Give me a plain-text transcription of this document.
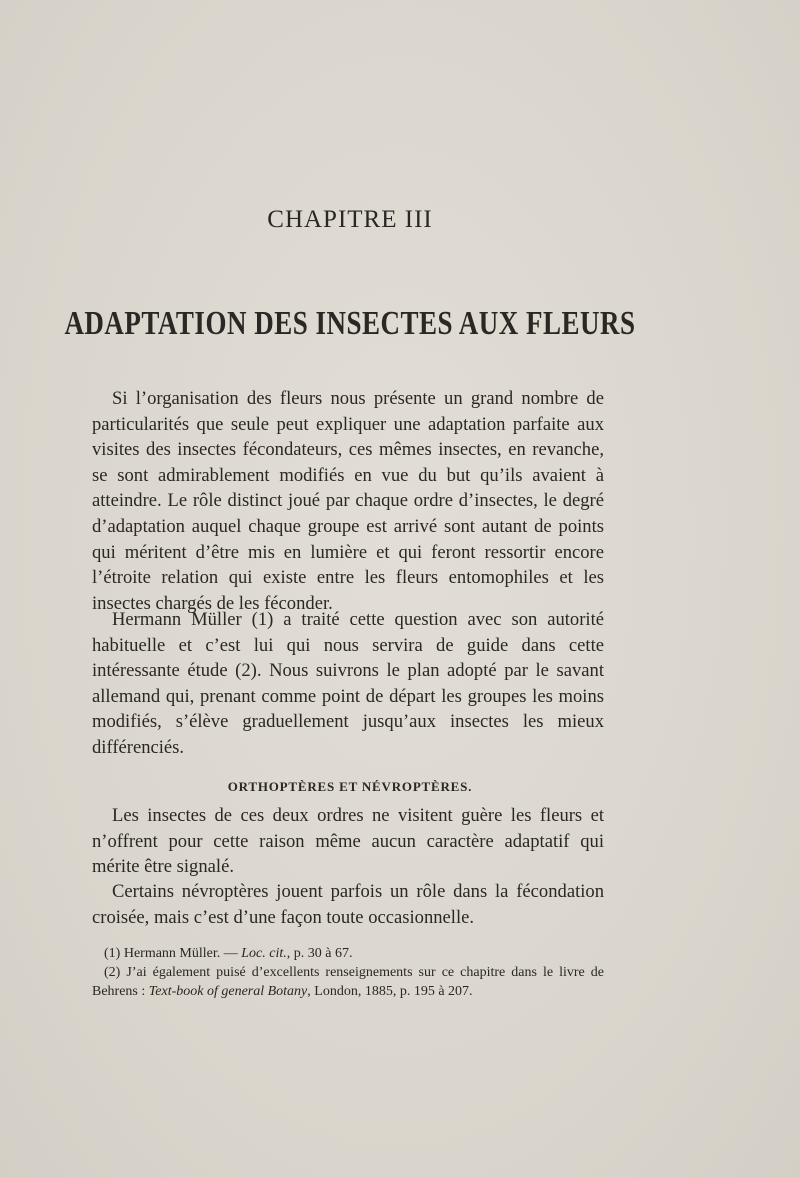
CHAPITRE III
ADAPTATION DES INSECTES AUX FLEURS

Si l’organisation des fleurs nous présente un grand nombre de particularités que seule peut expliquer une adaptation parfaite aux visites des insectes fécondateurs, ces mêmes insectes, en revanche, se sont admirablement modifiés en vue du but qu’ils avaient à atteindre. Le rôle distinct joué par chaque ordre d’insectes, le degré d’adaptation auquel chaque groupe est arrivé sont autant de points qui méritent d’être mis en lumière et qui feront ressortir encore l’étroite relation qui existe entre les fleurs entomophiles et les insectes chargés de les féconder.

Hermann Müller (1) a traité cette question avec son autorité habituelle et c’est lui qui nous servira de guide dans cette intéressante étude (2). Nous suivrons le plan adopté par le savant allemand qui, prenant comme point de départ les groupes les moins modifiés, s’élève graduellement jusqu’aux insectes les mieux différenciés.

ORTHOPTÈRES ET NÉVROPTÈRES.

Les insectes de ces deux ordres ne visitent guère les fleurs et n’offrent pour cette raison même aucun caractère adaptatif qui mérite être signalé.

Certains névroptères jouent parfois un rôle dans la fécondation croisée, mais c’est d’une façon toute occasionnelle.

(1) Hermann Müller. — Loc. cit., p. 30 à 67.

(2) J’ai également puisé d’excellents renseignements sur ce chapitre dans le livre de Behrens : Text-book of general Botany, London, 1885, p. 195 à 207.
